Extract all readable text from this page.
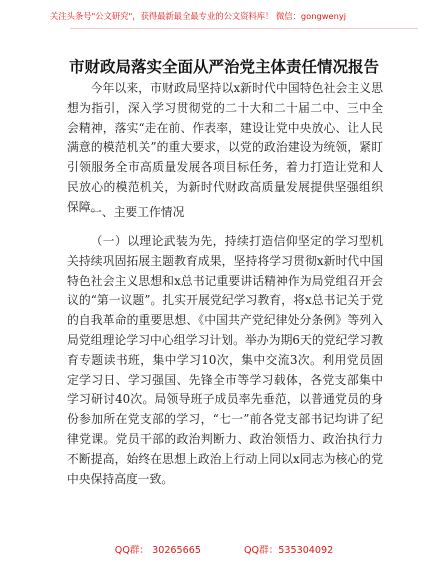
关注头条号"公文研究"，获得最新最全最专业的公文资料库！ 微信：gongwenyj
市财政局落实全面从严治党主体责任情况报告

今年以来，市财政局坚持以x新时代中国特色社会主义思想为指引，深入学习贯彻党的二十大和二十届二中、三中全会精神，落实“走在前、作表率，建设让党中央放心、让人民满意的模范机关”的重大要求，以党的政治建设为统领，紧盯引领服务全市高质量发展各项目标任务，着力打造让党和人民放心的模范机关，为新时代财政高质量发展提供坚强组织保障。

一、主要工作情况

（一）以理论武装为先，持续打造信仰坚定的学习型机关持续巩固拓展主题教育成果，坚持将学习贯彻x新时代中国特色社会主义思想和x总书记重要讲话精神作为局党组召开会议的“第一议题”。扎实开展党纪学习教育，将x总书记关于党的自我革命的重要思想、《中国共产党纪律处分条例》等列入局党组理论学习中心组学习计划。举办为期6天的党纪学习教育专题读书班，集中学习10次，集中交流3次。利用党员固定学习日、学习强国、先锋全市等学习载体，各党支部集中学习研讨40次。局领导班子成员率先垂范，以普通党员的身份参加所在党支部的学习，“七一”前各党支部书记均讲了纪律党课。党员干部的政治判断力、政治领悟力、政治执行力不断提高，始终在思想上政治上行动上同以x同志为核心的党中央保持高度一致。

QQ群： 30265665	QQ群：535304092
